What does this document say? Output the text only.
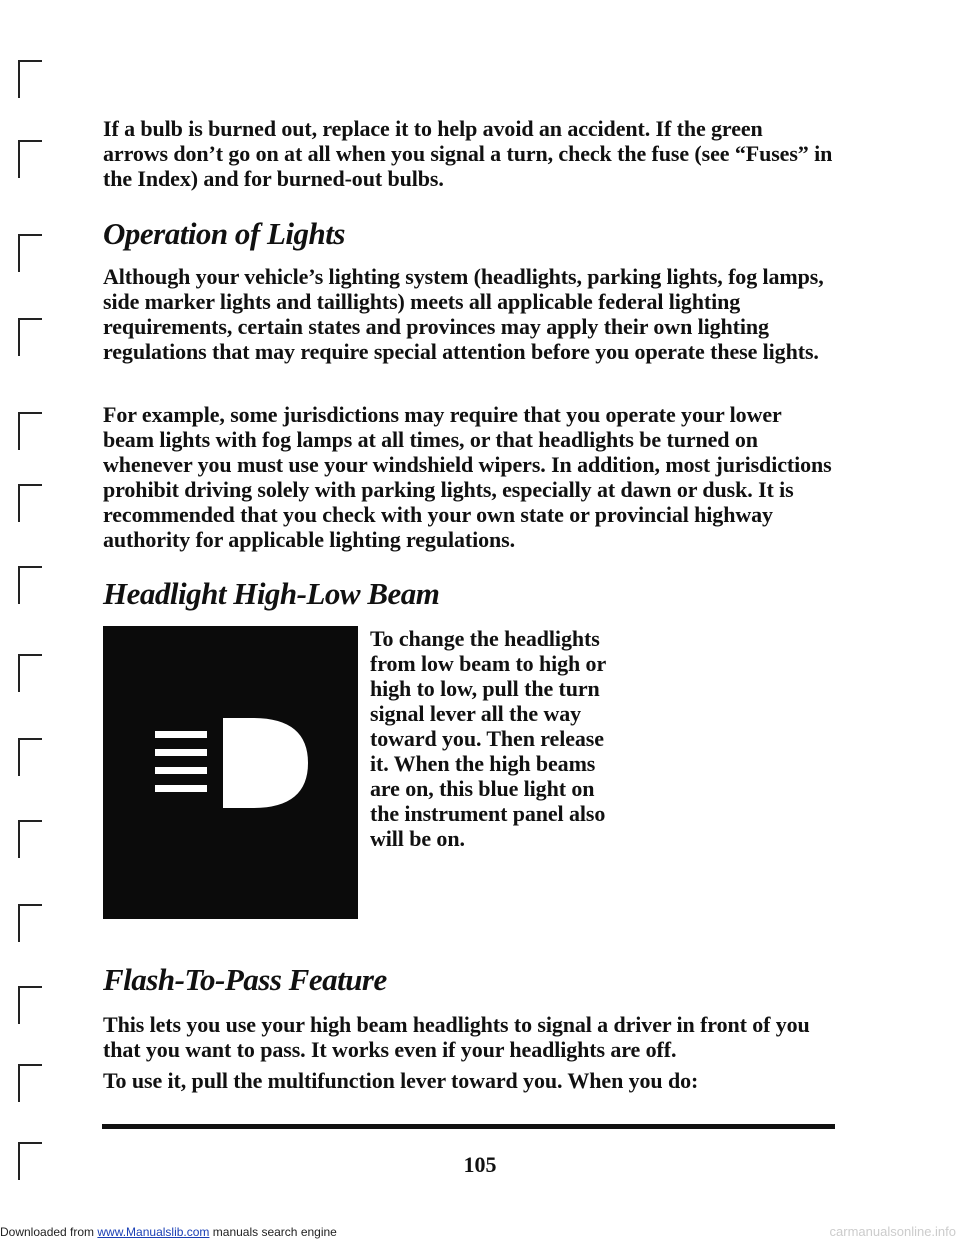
If a bulb is burned out, replace it to help avoid an accident. If the green arrows don’t go on at all when you signal a turn, check the fuse (see “Fuses” in the Index) and for burned-out bulbs.

Operation of Lights

Although your vehicle’s lighting system (headlights, parking lights, fog lamps, side marker lights and taillights) meets all applicable federal lighting requirements, certain states and provinces may apply their own lighting regulations that may require special attention before you operate these lights.

For example, some jurisdictions may require that you operate your lower beam lights with fog lamps at all times, or that headlights be turned on whenever you must use your windshield wipers. In addition, most jurisdictions prohibit driving solely with parking lights, especially at dawn or dusk. It is recommended that you check with your own state or provincial highway authority for applicable lighting regulations.

Headlight High-Low Beam

To change the headlights from low beam to high or high to low, pull the turn signal lever all the way toward you. Then release it. When the high beams are on, this blue light on the instrument panel also will be on.

Flash-To-Pass Feature

This lets you use your high beam headlights to signal a driver in front of you that you want to pass. It works even if your headlights are off.

To use it, pull the multifunction lever toward you. When you do:

105
Downloaded from www.Manualslib.com manuals search engine	carmanualsonline.info
